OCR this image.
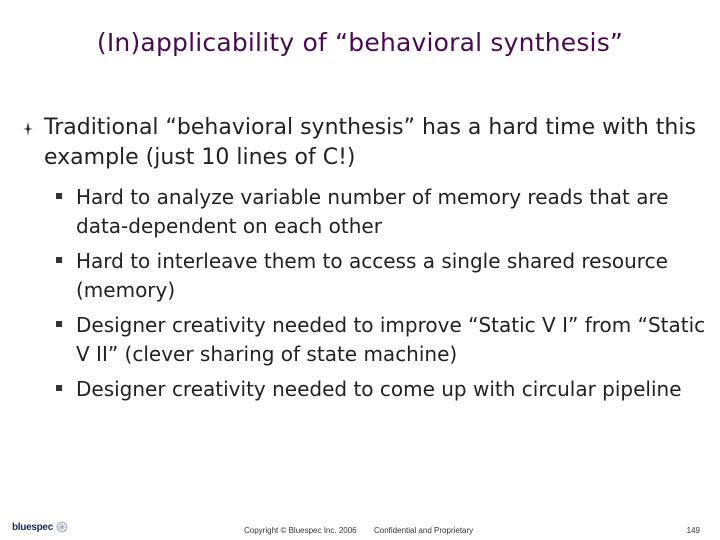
(In)applicability of “behavioral synthesis”
Traditional “behavioral synthesis” has a hard time with this example (just 10 lines of C!)
Hard to analyze variable number of memory reads that are data-dependent on each other
Hard to interleave them to access a single shared resource (memory)
Designer creativity needed to improve “Static V I” from “Static V II” (clever sharing of state machine)
Designer creativity needed to come up with circular pipeline
bluespec	Copyright © Bluespec Inc. 2006 Confidential and Proprietary	149
